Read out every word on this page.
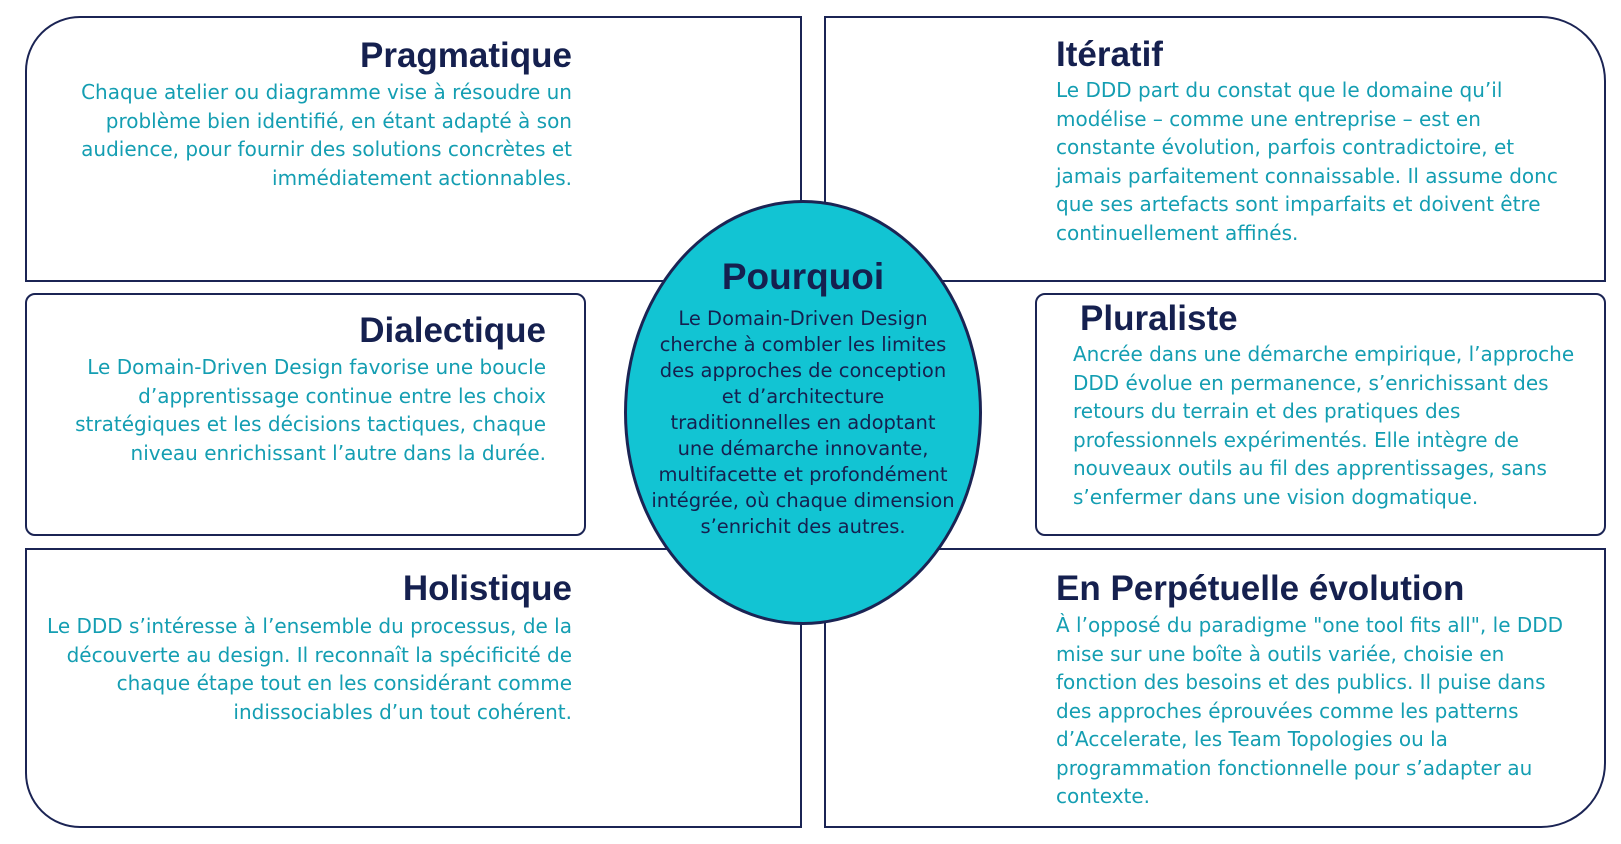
Pragmatique	Itératif
Dialectique	Pluraliste
Holistique	En Perpétuelle évolution

Chaque atelier ou diagramme vise à résoudre un problème bien identifié, en étant adapté à son audience, pour fournir des solutions concrètes et immédiatement actionnables.

Le DDD part du constat que le domaine qu’il modélise – comme une entreprise – est en constante évolution, parfois contradictoire, et jamais parfaitement connaissable. Il assume donc que ses artefacts sont imparfaits et doivent être continuellement affinés.

Le Domain-Driven Design favorise une boucle d’apprentissage continue entre les choix stratégiques et les décisions tactiques, chaque niveau enrichissant l’autre dans la durée.

Ancrée dans une démarche empirique, l’approche DDD évolue en permanence, s’enrichissant des retours du terrain et des pratiques des professionnels expérimentés. Elle intègre de nouveaux outils au fil des apprentissages, sans s’enfermer dans une vision dogmatique.

Le DDD s’intéresse à l’ensemble du processus, de la découverte au design. Il reconnaît la spécificité de chaque étape tout en les considérant comme indissociables d’un tout cohérent.

À l’opposé du paradigme "one tool fits all", le DDD mise sur une boîte à outils variée, choisie en fonction des besoins et des publics. Il puise dans des approches éprouvées comme les patterns d’Accelerate, les Team Topologies ou la programmation fonctionnelle pour s’adapter au contexte.

Pourquoi

Le Domain-Driven Design cherche à combler les limites des approches de conception et d’architecture traditionnelles en adoptant une démarche innovante, multifacette et profondément intégrée, où chaque dimension s’enrichit des autres.
